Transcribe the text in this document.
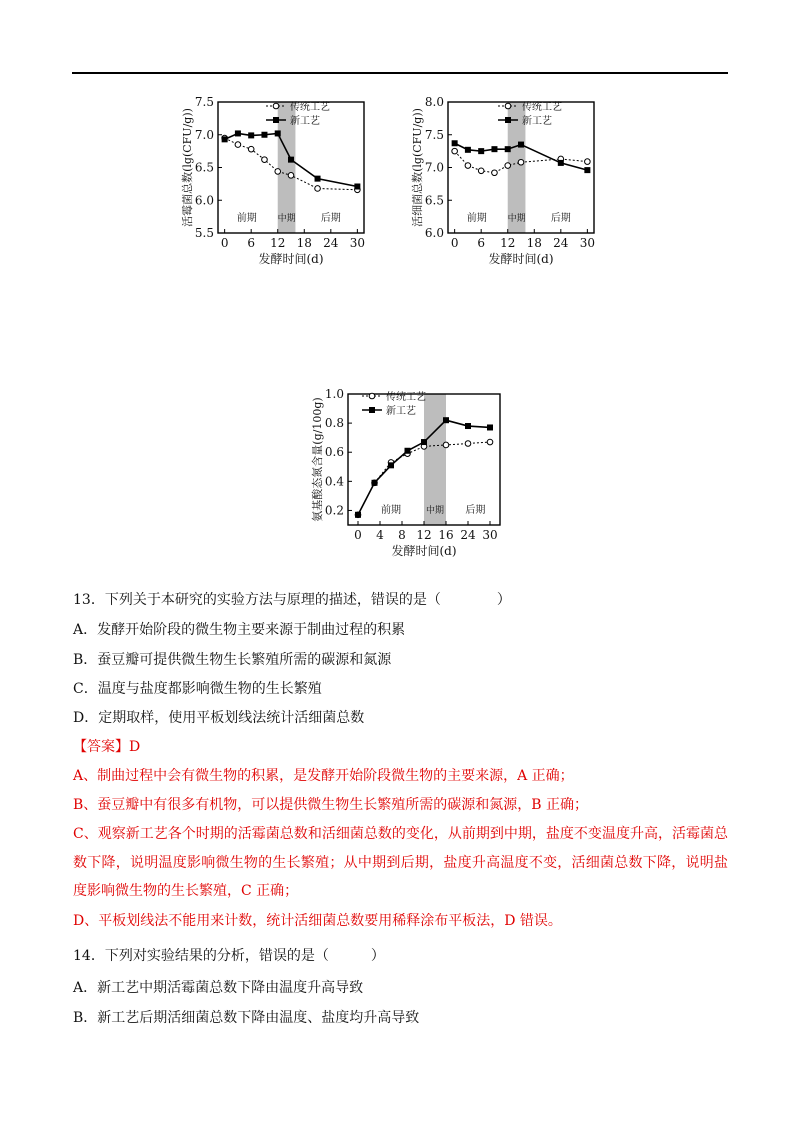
7.5
7.0
6.5
6.0
5.5
0 6 12 18 24 30
发酵时间(d)
活霉菌总数(lg(CFU/g))	前期 中期	后期
传统工艺
新工艺
8.0
7.5
7.0
6.5
6.0
0 6 12 18 24 30
发酵时间(d)
活细菌总数(lg(CFU/g))	前期 中期	后期
传统工艺
新工艺
1.0
0.8
0.6
0.4
0.2
0 4 8 12 16 24 30
发酵时间(d)
氨基酸态氮含量(g/100g)	前期	中期 后期
传统工艺
新工艺
13．下列关于本研究的实验方法与原理的描述，错误的是（　　　　）
A．发酵开始阶段的微生物主要来源于制曲过程的积累
B．蚕豆瓣可提供微生物生长繁殖所需的碳源和氮源
C．温度与盐度都影响微生物的生长繁殖
D．定期取样，使用平板划线法统计活细菌总数
【答案】D
A、制曲过程中会有微生物的积累，是发酵开始阶段微生物的主要来源，A 正确；
B、蚕豆瓣中有很多有机物，可以提供微生物生长繁殖所需的碳源和氮源，B 正确；
C、观察新工艺各个时期的活霉菌总数和活细菌总数的变化，从前期到中期，盐度不变温度升高，活霉菌总数下降，说明温度影响微生物的生长繁殖；从中期到后期，盐度升高温度不变，活细菌总数下降，说明盐度影响微生物的生长繁殖，C 正确；
D、平板划线法不能用来计数，统计活细菌总数要用稀释涂布平板法，D 错误。
14．下列对实验结果的分析，错误的是（　　　）
A．新工艺中期活霉菌总数下降由温度升高导致
B．新工艺后期活细菌总数下降由温度、盐度均升高导致
